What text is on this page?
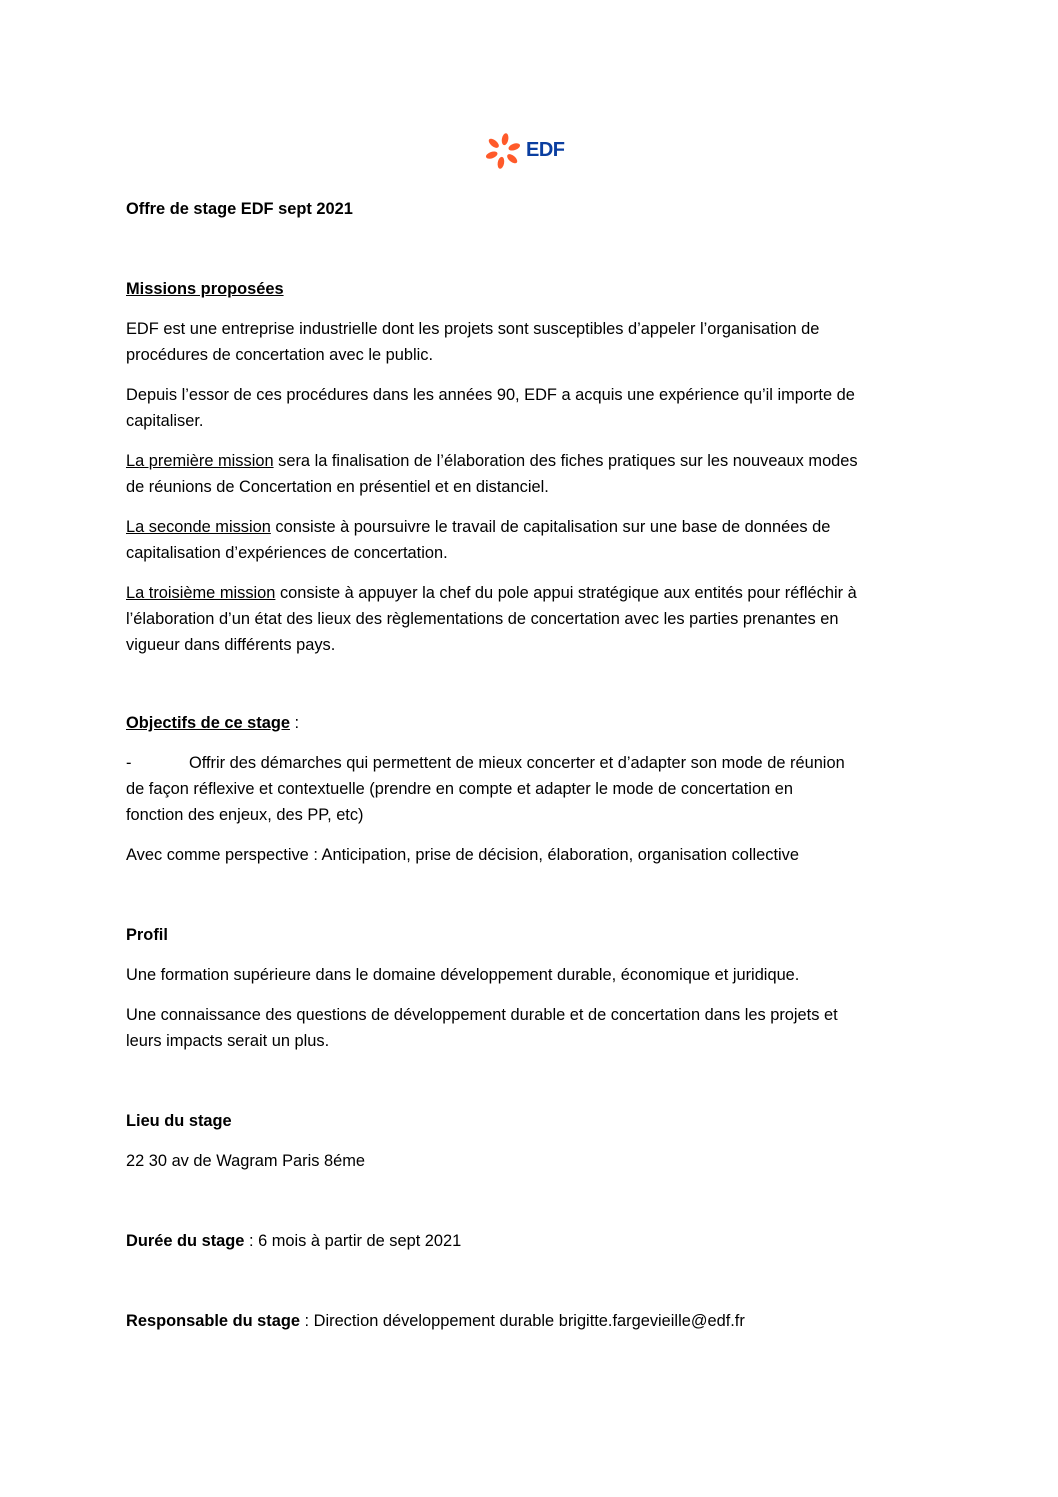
EDF
Offre de stage EDF sept 2021
Missions proposées
EDF est une entreprise industrielle dont les projets sont susceptibles d’appeler l’organisation de
procédures de concertation avec le public.
Depuis l’essor de ces procédures dans les années 90, EDF a acquis une expérience qu’il importe de
capitaliser.
La première mission sera la finalisation de l’élaboration des fiches pratiques sur les nouveaux modes
de réunions de Concertation en présentiel et en distanciel.
La seconde mission consiste à poursuivre le travail de capitalisation sur une base de données de
capitalisation d’expériences de concertation.
La troisième mission consiste à appuyer la chef du pole appui stratégique aux entités pour réfléchir à
l’élaboration d’un état des lieux des règlementations de concertation avec les parties prenantes en
vigueur dans différents pays.
Objectifs de ce stage :
-	Offrir des démarches qui permettent de mieux concerter et d’adapter son mode de réunion
de façon réflexive et contextuelle (prendre en compte et adapter le mode de concertation en
fonction des enjeux, des PP, etc)
Avec comme perspective : Anticipation, prise de décision, élaboration, organisation collective
Profil
Une formation supérieure dans le domaine développement durable, économique et juridique.
Une connaissance des questions de développement durable et de concertation dans les projets et
leurs impacts serait un plus.
Lieu du stage
22 30 av de Wagram Paris 8éme
Durée du stage : 6 mois à partir de sept 2021
Responsable du stage : Direction développement durable brigitte.fargevieille@edf.fr
